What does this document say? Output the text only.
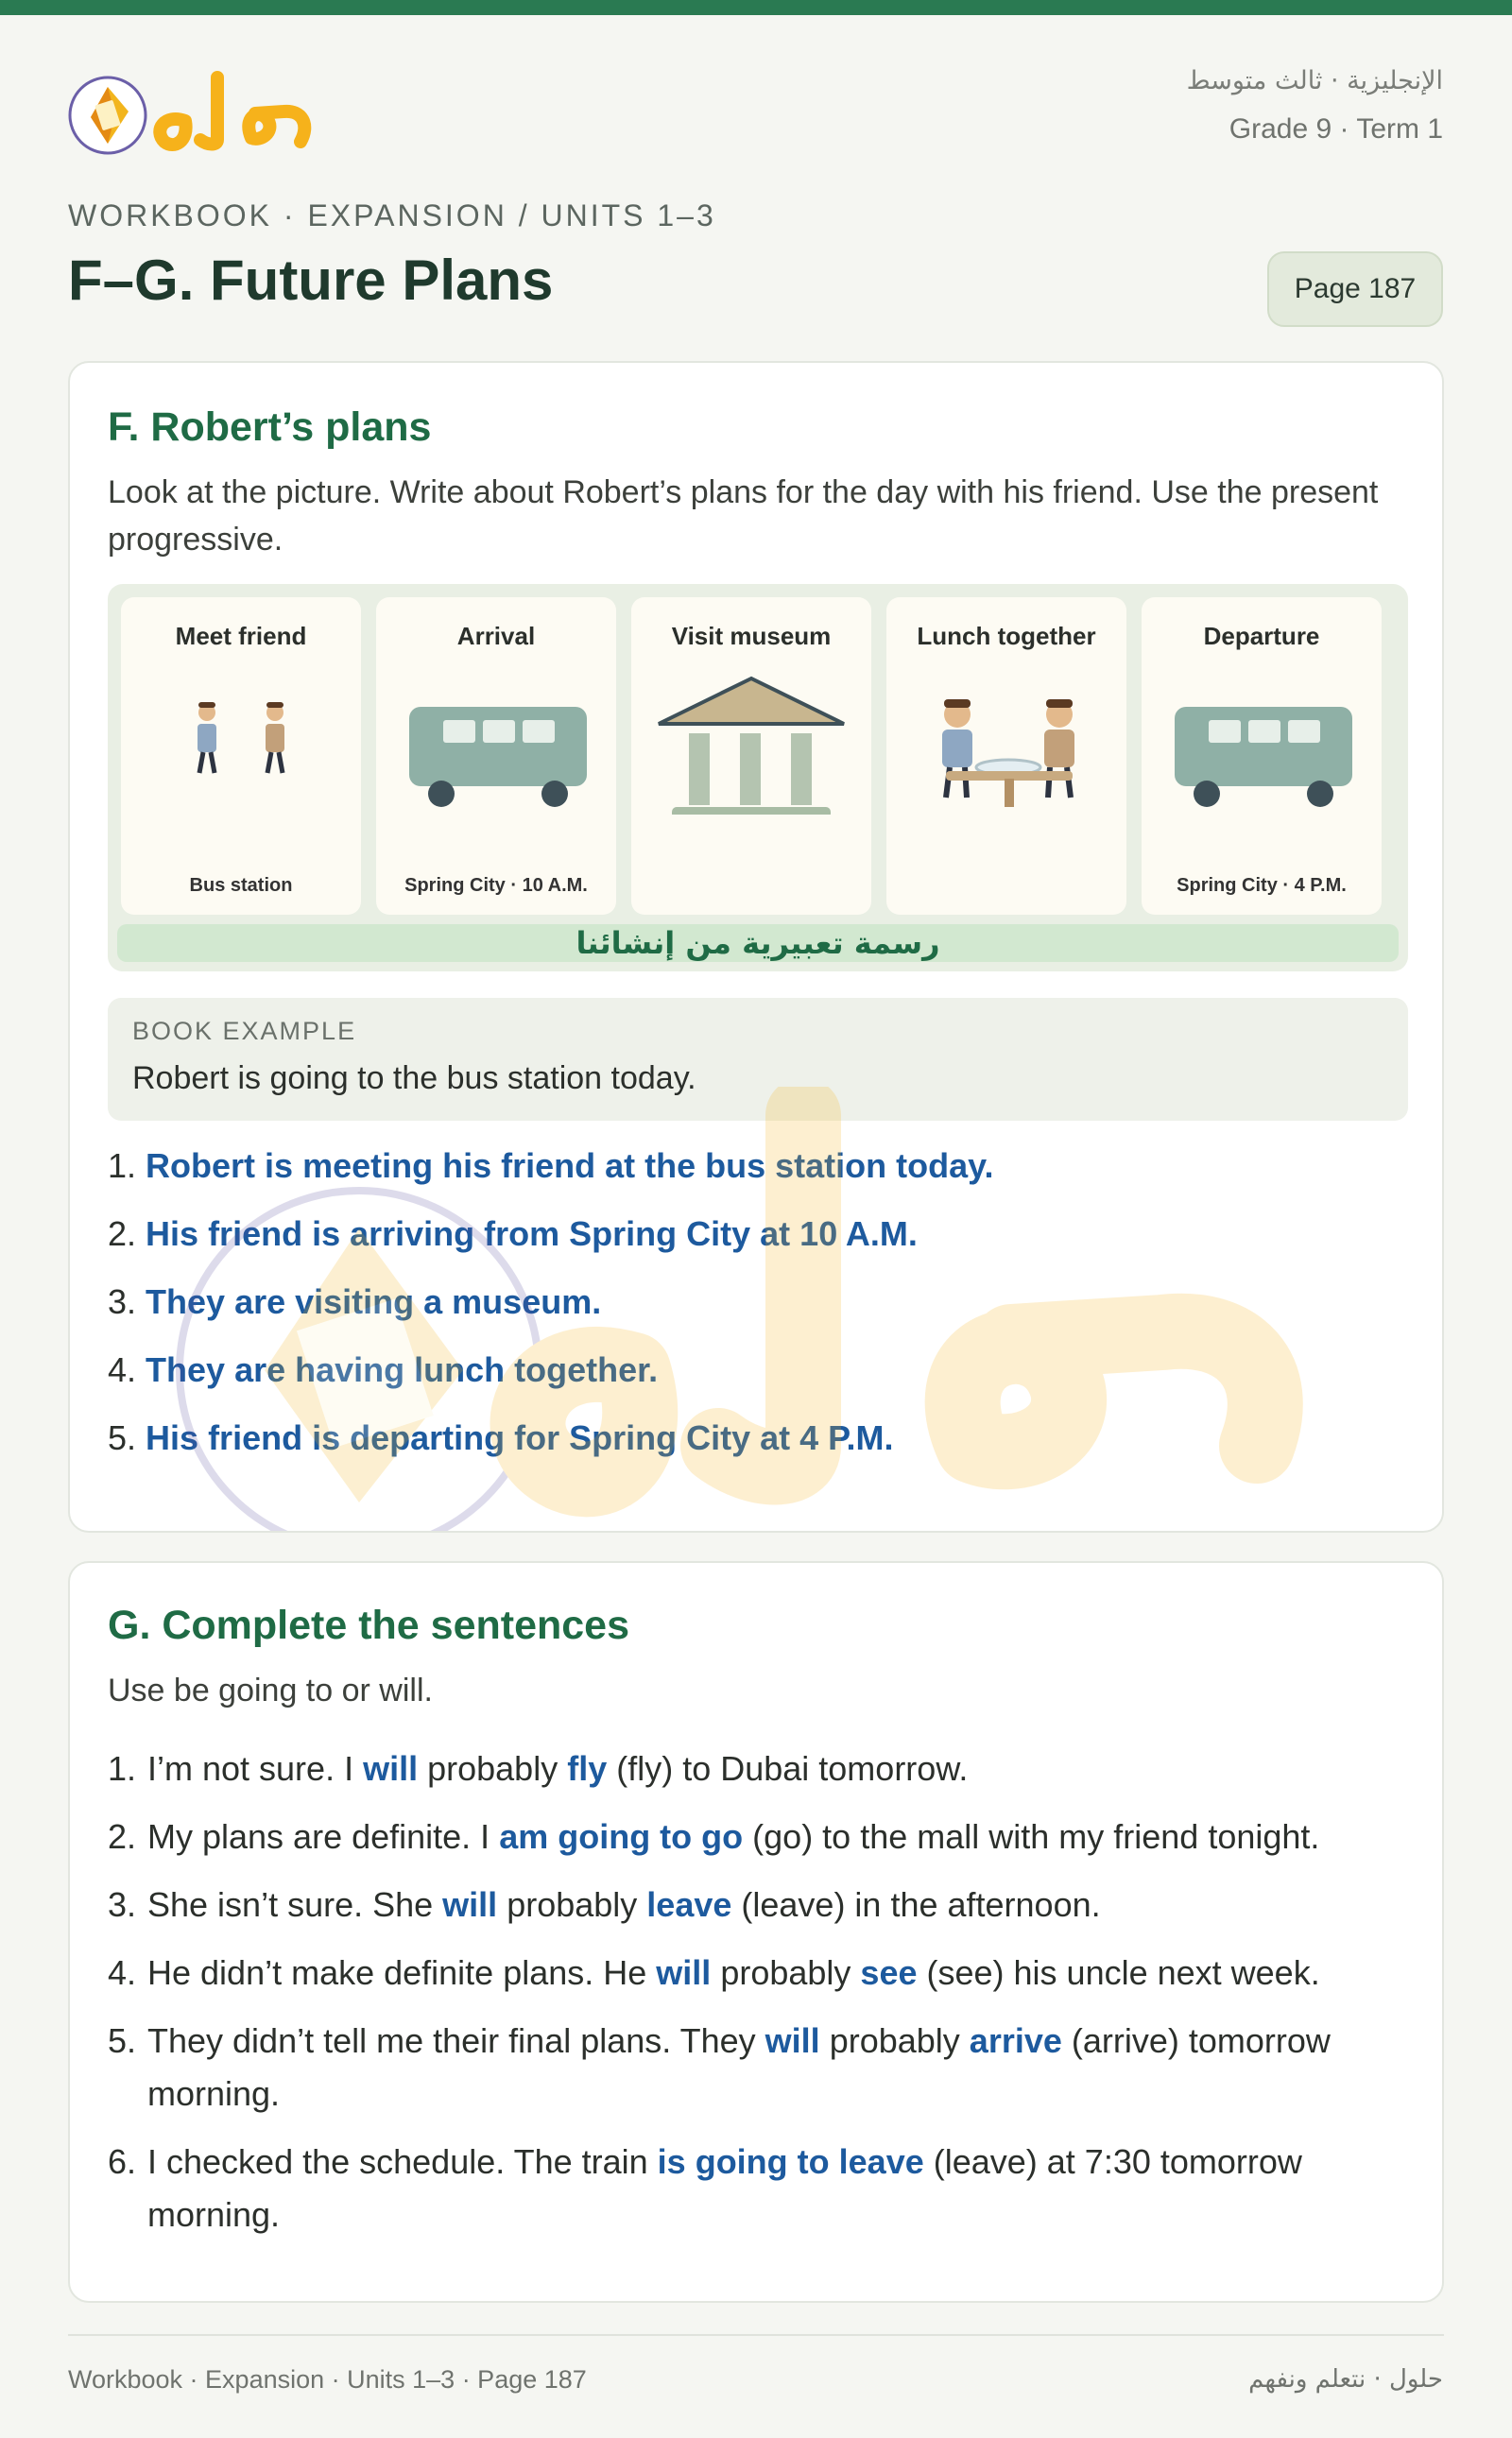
الإنجليزية · ثالث متوسط
Grade 9 · Term 1
WORKBOOK · EXPANSION / UNITS 1–3
F–G. Future Plans	Page 187
F. Robert’s plans
Look at the picture. Write about Robert’s plans for the day with his friend. Use the present progressive.
Meet friend
Bus station
Arrival
Spring City · 10 A.M.
Visit museum	Lunch together	Departure
Spring City · 4 P.M.
رسمة تعبيرية من إنشائنا
BOOK EXAMPLE
Robert is going to the bus station today.
1. Robert is meeting his friend at the bus station today.
2. His friend is arriving from Spring City at 10 A.M.
3. They are visiting a museum.
4. They are having lunch together.
5. His friend is departing for Spring City at 4 P.M.
G. Complete the sentences
Use be going to or will.
1. I’m not sure. I will probably fly (fly) to Dubai tomorrow.
2. My plans are definite. I am going to go (go) to the mall with my friend tonight.
3. She isn’t sure. She will probably leave (leave) in the afternoon.
4. He didn’t make definite plans. He will probably see (see) his uncle next week.
5. They didn’t tell me their final plans. They will probably arrive (arrive) tomorrow morning.
6. I checked the schedule. The train is going to leave (leave) at 7:30 tomorrow morning.
Workbook · Expansion · Units 1–3 · Page 187	حلول · نتعلم ونفهم
